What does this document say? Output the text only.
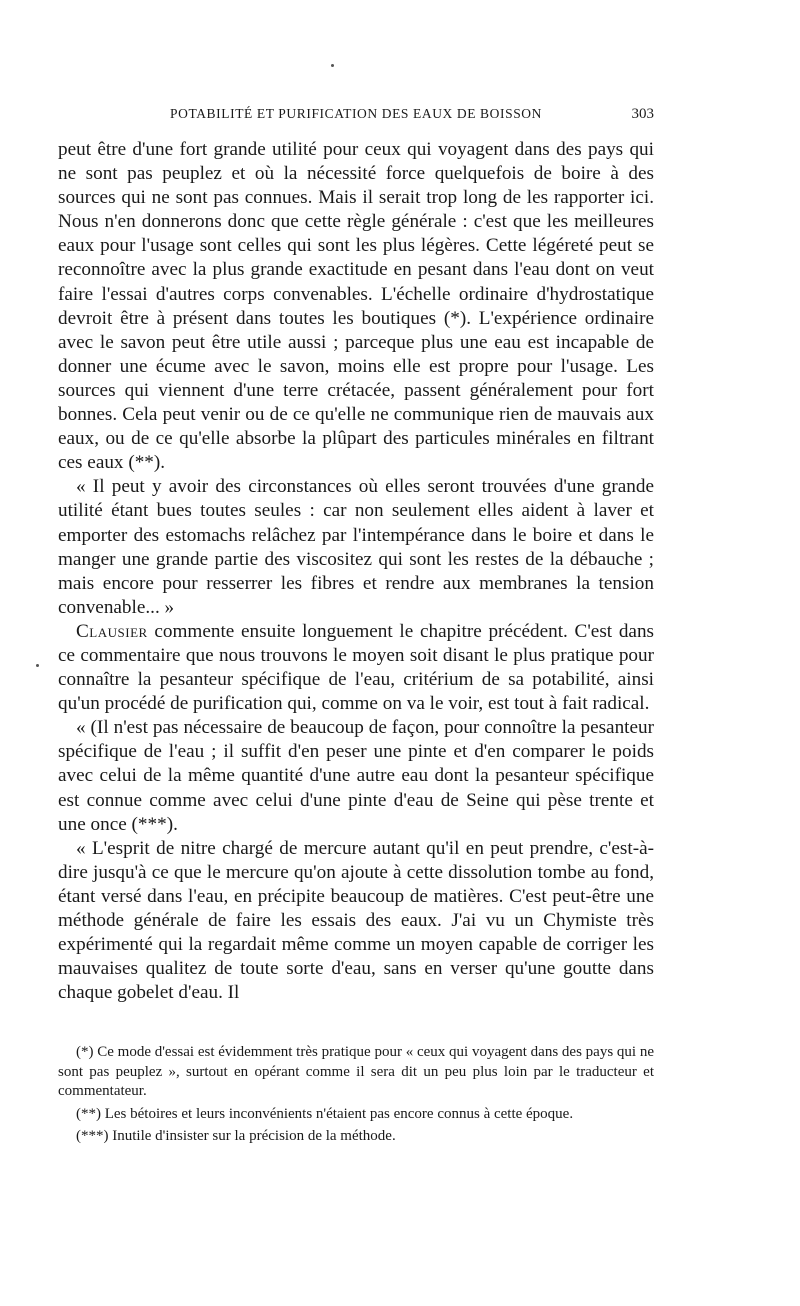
POTABILITÉ ET PURIFICATION DES EAUX DE BOISSON	303

peut être d'une fort grande utilité pour ceux qui voyagent dans des pays qui ne sont pas peuplez et où la nécessité force quelquefois de boire à des sources qui ne sont pas connues. Mais il serait trop long de les rapporter ici. Nous n'en donnerons donc que cette règle générale : c'est que les meilleures eaux pour l'usage sont celles qui sont les plus légères. Cette légéreté peut se reconnoître avec la plus grande exactitude en pesant dans l'eau dont on veut faire l'essai d'autres corps convenables. L'échelle ordinaire d'hydrostatique devroit être à présent dans toutes les boutiques (*). L'expérience ordinaire avec le savon peut être utile aussi ; parceque plus une eau est incapable de donner une écume avec le savon, moins elle est propre pour l'usage. Les sources qui viennent d'une terre crétacée, passent généralement pour fort bonnes. Cela peut venir ou de ce qu'elle ne communique rien de mauvais aux eaux, ou de ce qu'elle absorbe la plûpart des particules minérales en filtrant ces eaux (**).

« Il peut y avoir des circonstances où elles seront trouvées d'une grande utilité étant bues toutes seules : car non seulement elles aident à laver et emporter des estomachs relâchez par l'intempérance dans le boire et dans le manger une grande partie des viscositez qui sont les restes de la débauche ; mais encore pour resserrer les fibres et rendre aux membranes la tension convenable... »

Clausier commente ensuite longuement le chapitre précédent. C'est dans ce commentaire que nous trouvons le moyen soit disant le plus pratique pour connaître la pesanteur spécifique de l'eau, critérium de sa potabilité, ainsi qu'un procédé de purification qui, comme on va le voir, est tout à fait radical.

« (Il n'est pas nécessaire de beaucoup de façon, pour connoître la pesanteur spécifique de l'eau ; il suffit d'en peser une pinte et d'en comparer le poids avec celui de la même quantité d'une autre eau dont la pesanteur spécifique est connue comme avec celui d'une pinte d'eau de Seine qui pèse trente et une once (***).

« L'esprit de nitre chargé de mercure autant qu'il en peut prendre, c'est-à-dire jusqu'à ce que le mercure qu'on ajoute à cette dissolution tombe au fond, étant versé dans l'eau, en précipite beaucoup de matières. C'est peut-être une méthode générale de faire les essais des eaux. J'ai vu un Chymiste très expérimenté qui la regardait même comme un moyen capable de corriger les mauvaises qualitez de toute sorte d'eau, sans en verser qu'une goutte dans chaque gobelet d'eau. Il

(*) Ce mode d'essai est évidemment très pratique pour « ceux qui voyagent dans des pays qui ne sont pas peuplez », surtout en opérant comme il sera dit un peu plus loin par le traducteur et commentateur.

(**) Les bétoires et leurs inconvénients n'étaient pas encore connus à cette époque.

(***) Inutile d'insister sur la précision de la méthode.
